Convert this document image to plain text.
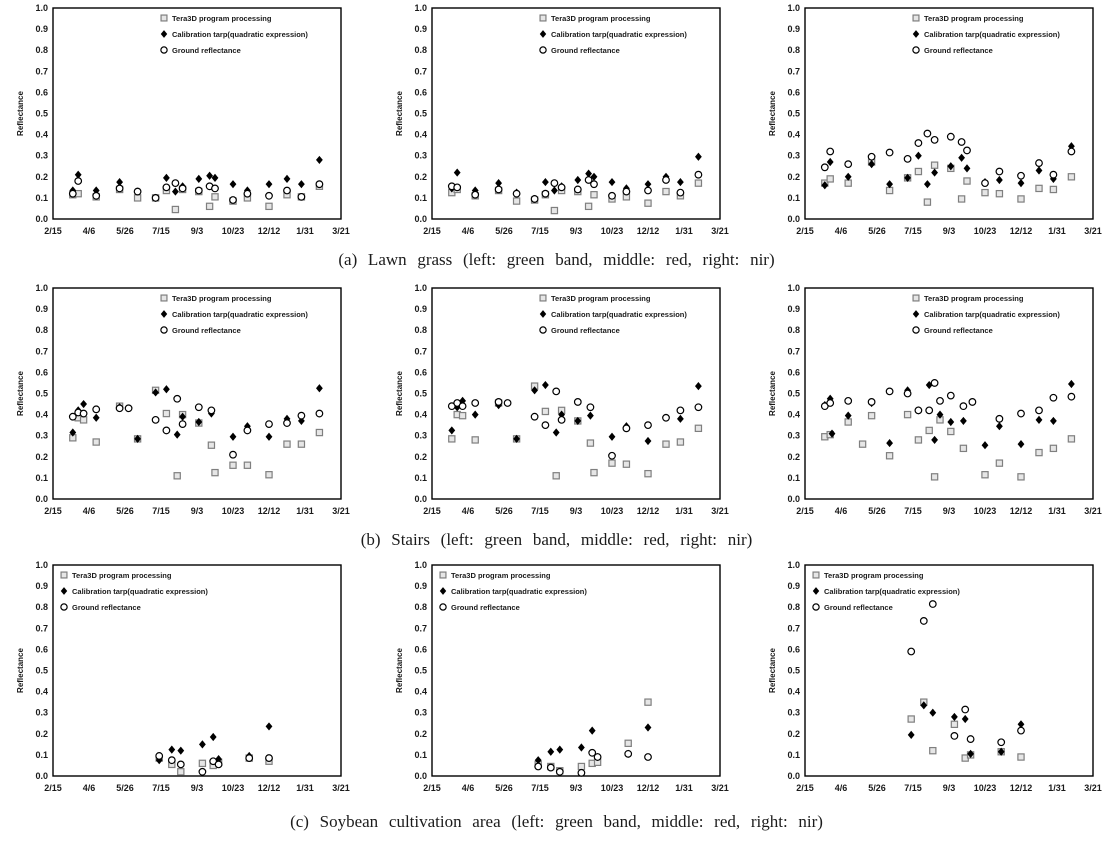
0.0
0.1
0.2
0.3
0.4
0.5
0.6
0.7
0.8
0.9
1.0
2/15 4/6 5/26 7/15 9/3 10/23 12/12 1/31 3/21
Reflectance
Tera3D program processing
Calibration tarp(quadratic expression)
Ground reflectance
0.0
0.1
0.2
0.3
0.4
0.5
0.6
0.7
0.8
0.9
1.0
2/15 4/6 5/26 7/15 9/3 10/23 12/12 1/31 3/21
Reflectance
Tera3D program processing
Calibration tarp(quadratic expression)
Ground reflectance
0.0
0.1
0.2
0.3
0.4
0.5
0.6
0.7
0.8
0.9
1.0
2/15 4/6 5/26 7/15 9/3 10/23 12/12 1/31 3/21
Reflectance
Tera3D program processing
Calibration tarp(quadratic expression)
Ground reflectance
(a) Lawn grass (left: green band, middle: red, right: nir)
0.0
0.1
0.2
0.3
0.4
0.5
0.6
0.7
0.8
0.9
1.0
2/15 4/6 5/26 7/15 9/3 10/23 12/12 1/31 3/21
Reflectance
Tera3D program processing
Calibration tarp(quadratic expression)
Ground reflectance
0.0
0.1
0.2
0.3
0.4
0.5
0.6
0.7
0.8
0.9
1.0
2/15 4/6 5/26 7/15 9/3 10/23 12/12 1/31 3/21
Reflectance
Tera3D program processing
Calibration tarp(quadratic expression)
Ground reflectance
0.0
0.1
0.2
0.3
0.4
0.5
0.6
0.7
0.8
0.9
1.0
2/15 4/6 5/26 7/15 9/3 10/23 12/12 1/31 3/21
Reflectance
Tera3D program processing
Calibration tarp(quadratic expression)
Ground reflectance
(b) Stairs (left: green band, middle: red, right: nir)
0.0
0.1
0.2
0.3
0.4
0.5
0.6
0.7
0.8
0.9
1.0
2/15 4/6 5/26 7/15 9/3 10/23 12/12 1/31 3/21
Reflectance
Tera3D program processing
Calibration tarp(quadratic expression)
Ground reflectance
0.0
0.1
0.2
0.3
0.4
0.5
0.6
0.7
0.8
0.9
1.0
2/15 4/6 5/26 7/15 9/3 10/23 12/12 1/31 3/21
Reflectance
Tera3D program processing
Calibration tarp(quadratic expression)
Ground reflectance
0.0
0.1
0.2
0.3
0.4
0.5
0.6
0.7
0.8
0.9
1.0
2/15 4/6 5/26 7/15 9/3 10/23 12/12 1/31 3/21
Reflectance
Tera3D program processing
Calibration tarp(quadratic expression)
Ground reflectance
(c) Soybean cultivation area (left: green band, middle: red, right: nir)
